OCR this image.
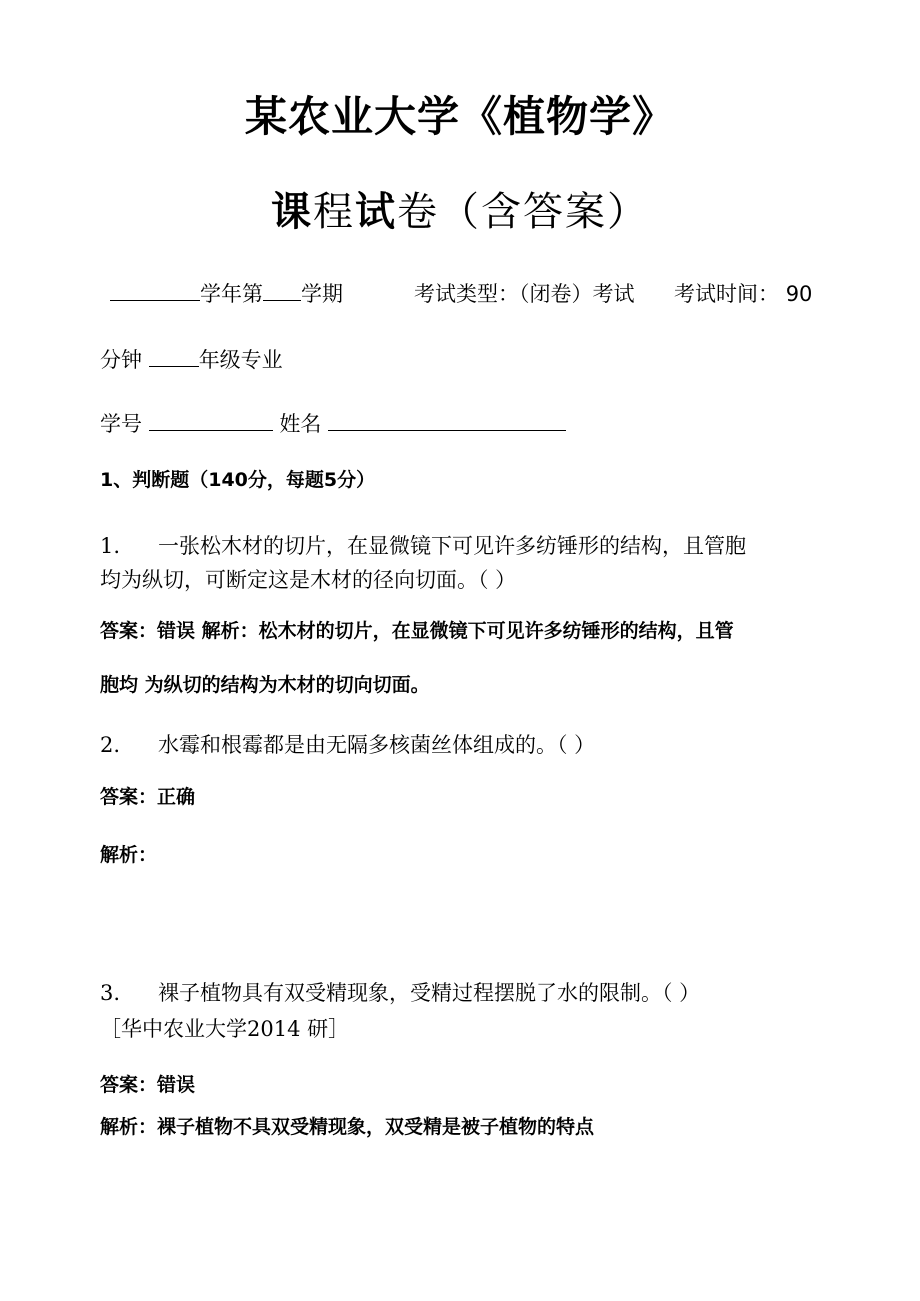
某农业大学《植物学》
课程试卷（含答案）
学年第 学期	考试类型：（闭卷）考试 考试时间： 90
分钟	年级专业
学号	姓名
1、判断题（140分，每题5分）
1. 一张松木材的切片，在显微镜下可见许多纺锤形的结构，且管胞
均为纵切，可断定这是木材的径向切面。（ ）
答案：错误 解析：松木材的切片，在显微镜下可见许多纺锤形的结构，且管
胞均 为纵切的结构为木材的切向切面。
2. 水霉和根霉都是由无隔多核菌丝体组成的。（ ）
答案：正确
解析：
3. 裸子植物具有双受精现象，受精过程摆脱了水的限制。（ ）
［华中农业大学2014 研］
答案：错误
解析：裸子植物不具双受精现象，双受精是被子植物的特点
